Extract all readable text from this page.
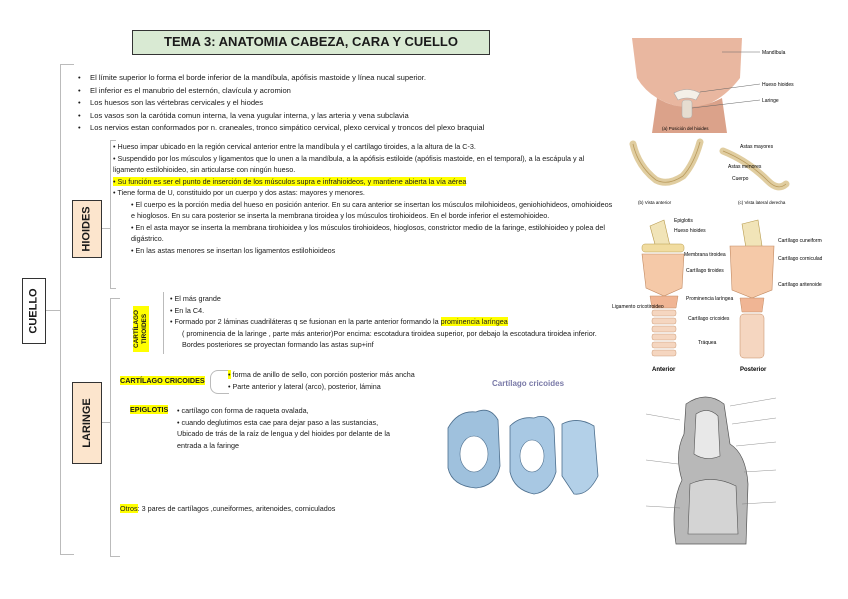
TEMA 3: ANATOMIA CABEZA, CARA Y CUELLO
CUELLO
• El límite superior lo forma el borde inferior de la mandíbula, apófisis mastoide y línea nucal superior.
• El inferior es el manubrio del esternón, clavícula y acromion
• Los huesos son las vértebras cervicales y el hiodes
• Los vasos son la carótida comun interna, la vena yugular interna, y las arteria y vena subclavia
• Los nervios estan conformados por n. craneales, tronco simpático cervical, plexo cervical y troncos del plexo braquial
HIOIDES

• Hueso impar ubicado en la región cervical anterior entre la mandíbula y el cartílago tiroides, a la altura de la C-3.

• Suspendido por los músculos y ligamentos que lo unen a la mandíbula, a la apófisis estiloide (apófisis mastoide, en el temporal), a la escápula y al ligamento estilohioideo, sin articularse con ningún hueso.

• Su función es ser el punto de inserción de los músculos supra e infrahioideos, y mantiene abierta la vía aérea

• Tiene forma de U, constituido por un cuerpo y dos astas: mayores y menores.

• El cuerpo es la porción media del hueso en posición anterior. En su cara anterior se insertan los músculos milohioideos, geniohiohideos, omohioideos e hioglosos. En su cara posterior se inserta la membrana tiroidea y los músculos tirohioideos. En el borde inferior el estemohioideo.

• En el asta mayor se inserta la membrana tirohioidea y los músculos tirohioideos, hioglosos, constrictor medio de la faringe, estilohioideo y polea del digástrico.

• En las astas menores se insertan los ligamentos estilohioideos

LARINGE
CARTÍLAGO TIROIDES

• El más grande

• En la C4.

• Formado por 2 láminas cuadriláteras q se fusionan en la parte anterior formando la prominencia laríngea

( prominencia de la laringe , parte más anterior)Por encima: escotadura tiroidea superior, por debajo la escotadura tiroidea inferior. Bordes posteriores se proyectan formando las astas sup+inf

CARTÍLAGO CRICOIDES

• forma de anillo de sello, con porción posterior más ancha

• Parte anterior y lateral (arco), posterior, lámina

EPIGLOTIS

•	cartílago con forma de raqueta ovalada,

• cuando deglutimos esta cae para dejar paso a las sustancias, Ubicado de trás de la raíz de lengua y del hioides por delante de la entrada a la faringe

Otros: 3 pares de cartílagos ,cuneiformes, aritenoides, corniculados

Mandíbula
Hueso hioides
Laringe
(a) Posición del hioides
Astas mayores
Astas menores
Cuerpo
(b) Vista anterior	(c) Vista lateral derecha
Epiglotis
Hueso hioides
Membrana tiroidea
Cartílago tiroides
Prominencia laríngea
Ligamento cricotiroideo
Cartílago cricoides
Tráquea
Cartílago cuneiforme
Cartílago corniculado
Cartílago aritenoides
Anterior	Posterior
Cartílago cricoides
